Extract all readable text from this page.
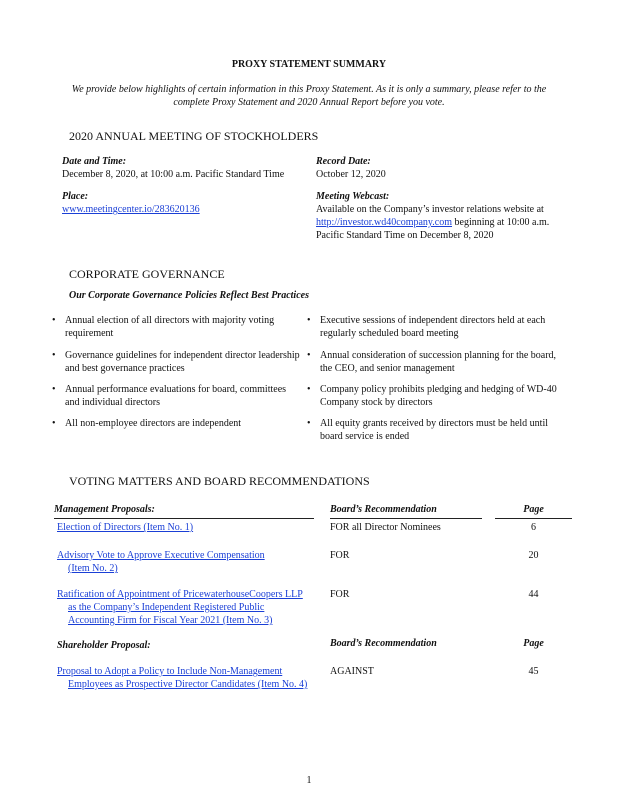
PROXY STATEMENT SUMMARY
We provide below highlights of certain information in this Proxy Statement. As it is only a summary, please refer to the complete Proxy Statement and 2020 Annual Report before you vote.
2020 ANNUAL MEETING OF STOCKHOLDERS
Date and Time:
December 8, 2020, at 10:00 a.m. Pacific Standard Time
Record Date:
October 12, 2020
Place:
www.meetingcenter.io/283620136
Meeting Webcast:
Available on the Company’s investor relations website at
http://investor.wd40company.com beginning at 10:00 a.m.
Pacific Standard Time on December 8, 2020
CORPORATE GOVERNANCE
Our Corporate Governance Policies Reflect Best Practices
• Annual election of all directors with majority voting
requirement
• Governance guidelines for independent director leadership
and best governance practices
• Annual performance evaluations for board, committees
and individual directors
• All non-employee directors are independent
• Executive sessions of independent directors held at each
regularly scheduled board meeting
• Annual consideration of succession planning for the board,
the CEO, and senior management
• Company policy prohibits pledging and hedging of WD-40
Company stock by directors
• All equity grants received by directors must be held until
board service is ended
VOTING MATTERS AND BOARD RECOMMENDATIONS
Management Proposals:	Board’s Recommendation	Page
Election of Directors (Item No. 1)	FOR all Director Nominees	6
Advisory Vote to Approve Executive Compensation
(Item No. 2)
FOR	20
Ratification of Appointment of PricewaterhouseCoopers LLP
as the Company’s Independent Registered Public
Accounting Firm for Fiscal Year 2021 (Item No. 3)
FOR	44
Shareholder Proposal:	Board’s Recommendation	Page
Proposal to Adopt a Policy to Include Non-Management
Employees as Prospective Director Candidates (Item No. 4)
AGAINST	45
1
